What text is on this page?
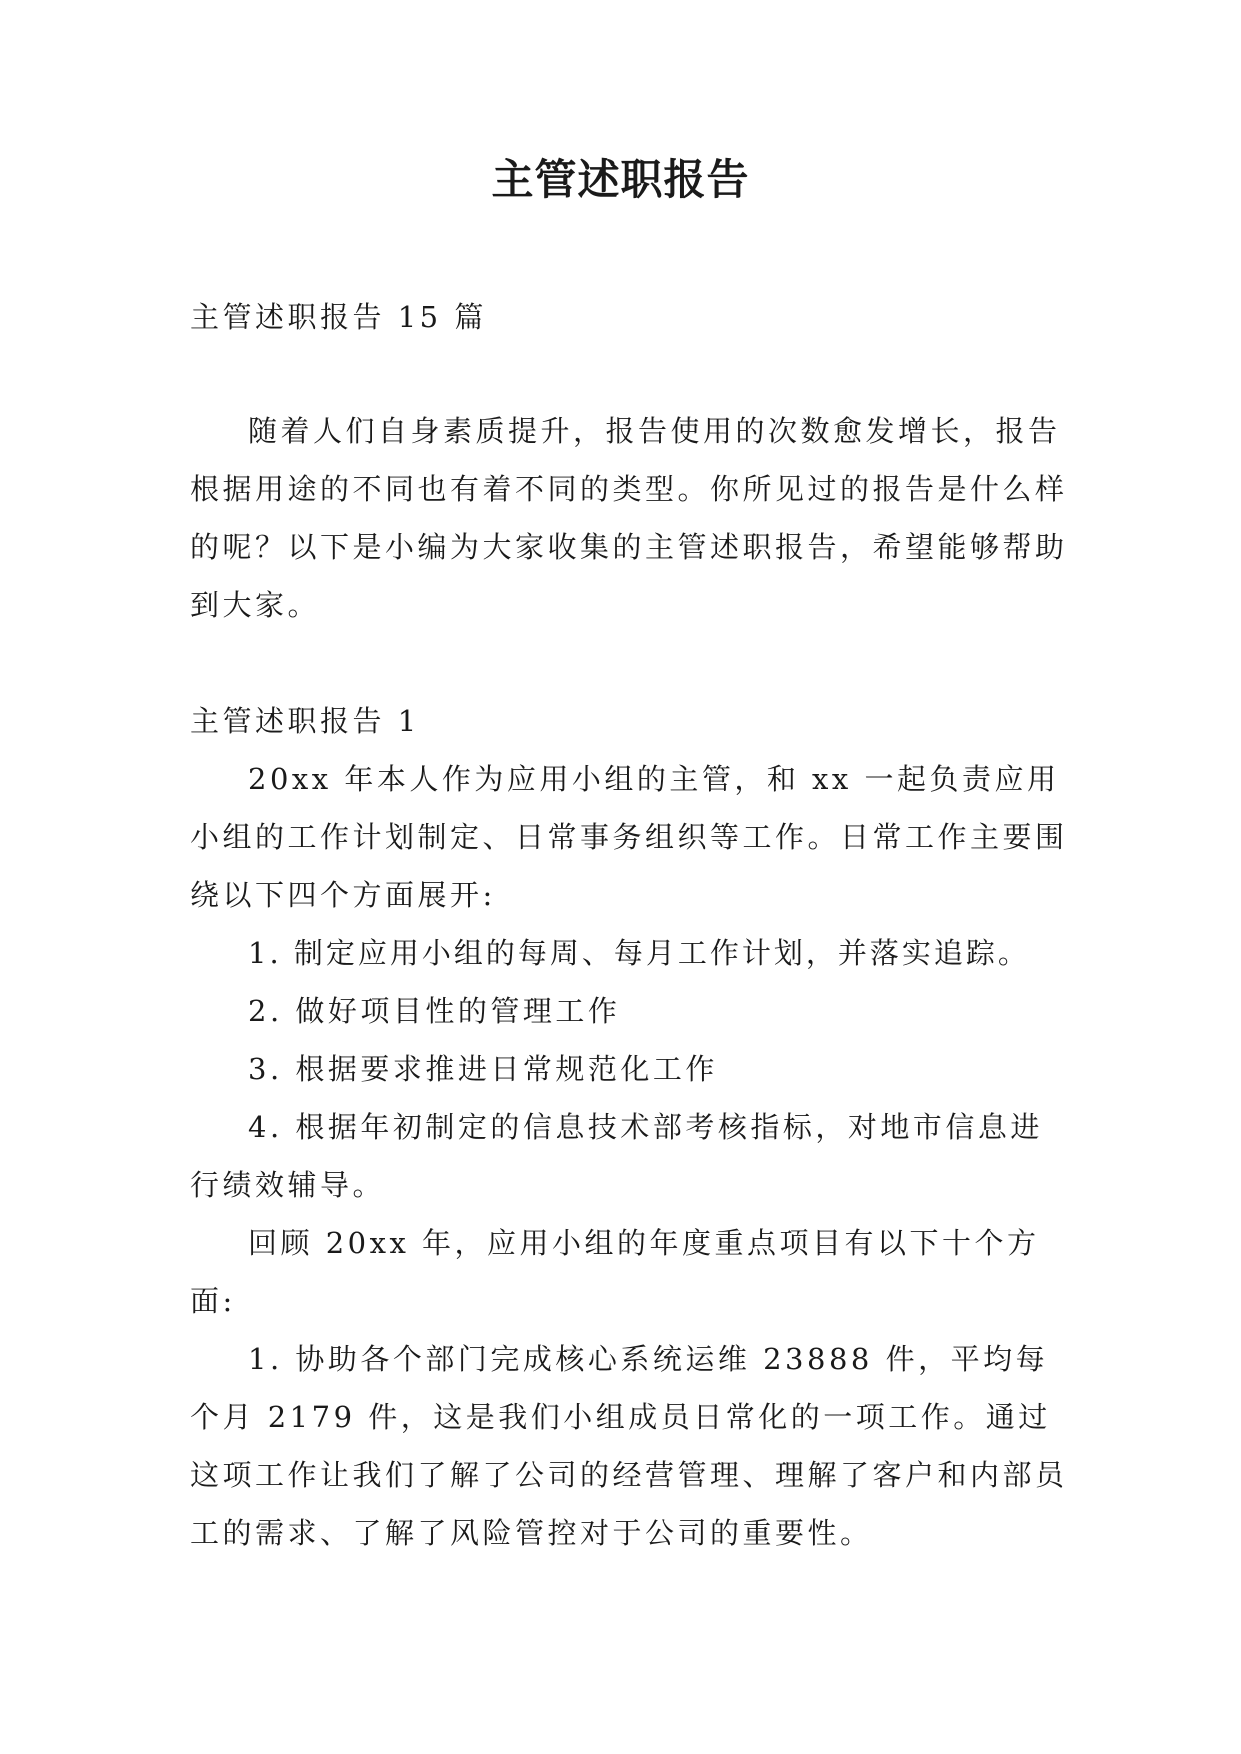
主管述职报告

主管述职报告 15 篇

随着人们自身素质提升，报告使用的次数愈发增长，报告根据用途的不同也有着不同的类型。你所见过的报告是什么样的呢？以下是小编为大家收集的主管述职报告，希望能够帮助到大家。

主管述职报告 1

20xx 年本人作为应用小组的主管，和 xx 一起负责应用小组的工作计划制定、日常事务组织等工作。日常工作主要围绕以下四个方面展开:

1. 制定应用小组的每周、每月工作计划，并落实追踪。

2. 做好项目性的管理工作

3. 根据要求推进日常规范化工作

4. 根据年初制定的信息技术部考核指标，对地市信息进行绩效辅导。

回顾 20xx 年，应用小组的年度重点项目有以下十个方面:

1. 协助各个部门完成核心系统运维 23888 件，平均每个月 2179 件，这是我们小组成员日常化的一项工作。通过这项工作让我们了解了公司的经营管理、理解了客户和内部员工的需求、了解了风险管控对于公司的重要性。
